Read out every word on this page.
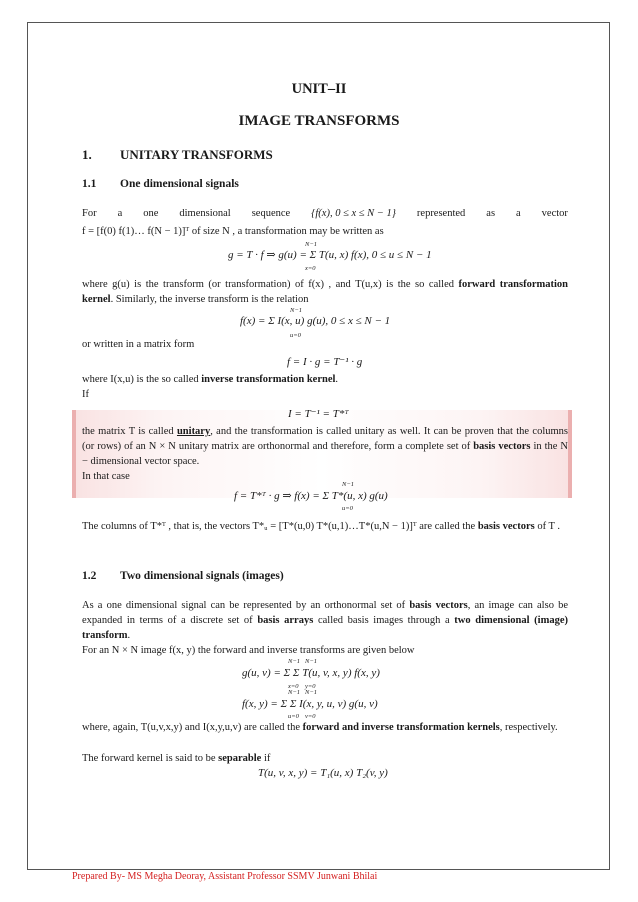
UNIT–II
IMAGE TRANSFORMS
1. UNITARY TRANSFORMS
1.1 One dimensional signals
For a one dimensional sequence {f(x), 0 ≤ x ≤ N − 1} represented as a vector
f = [f(0) f(1)… f(N − 1)]ᵀ of size N , a transformation may be written as
g = T · f ⇒ g(u) = Σ T(u, x) f(x), 0 ≤ u ≤ N − 1
N−1
x=0
where g(u) is the transform (or transformation) of f(x) , and T(u,x) is the so called forward transformation kernel. Similarly, the inverse transform is the relation
f(x) = Σ I(x, u) g(u), 0 ≤ x ≤ N − 1
N−1
u=0
or written in a matrix form
f = I · g = T⁻¹ · g
where I(x,u) is the so called inverse transformation kernel.
If
I = T⁻¹ = T*ᵀ
the matrix T is called unitary, and the transformation is called unitary as well. It can be proven that the columns (or rows) of an N × N unitary matrix are orthonormal and therefore, form a complete set of basis vectors in the N − dimensional vector space.
In that case
f = T*ᵀ · g ⇒ f(x) = Σ T*(u, x) g(u)
N−1
u=0
The columns of T*ᵀ , that is, the vectors T*ᵤ = [T*(u,0) T*(u,1)…T*(u,N − 1)]ᵀ are called the basis vectors of T .
1.2 Two dimensional signals (images)
As a one dimensional signal can be represented by an orthonormal set of basis vectors, an image can also be expanded in terms of a discrete set of basis arrays called basis images through a two dimensional (image) transform.
For an N × N image f(x, y) the forward and inverse transforms are given below
g(u, v) = Σ Σ T(u, v, x, y) f(x, y)
N−1 N−1
x=0 y=0
f(x, y) = Σ Σ I(x, y, u, v) g(u, v)
N−1 N−1
u=0 v=0
where, again, T(u,v,x,y) and I(x,y,u,v) are called the forward and inverse transformation kernels, respectively.
The forward kernel is said to be separable if
T(u, v, x, y) = T₁(u, x) T₂(v, y)
Prepared By- MS Megha Deoray, Assistant Professor SSMV Junwani Bhilai
